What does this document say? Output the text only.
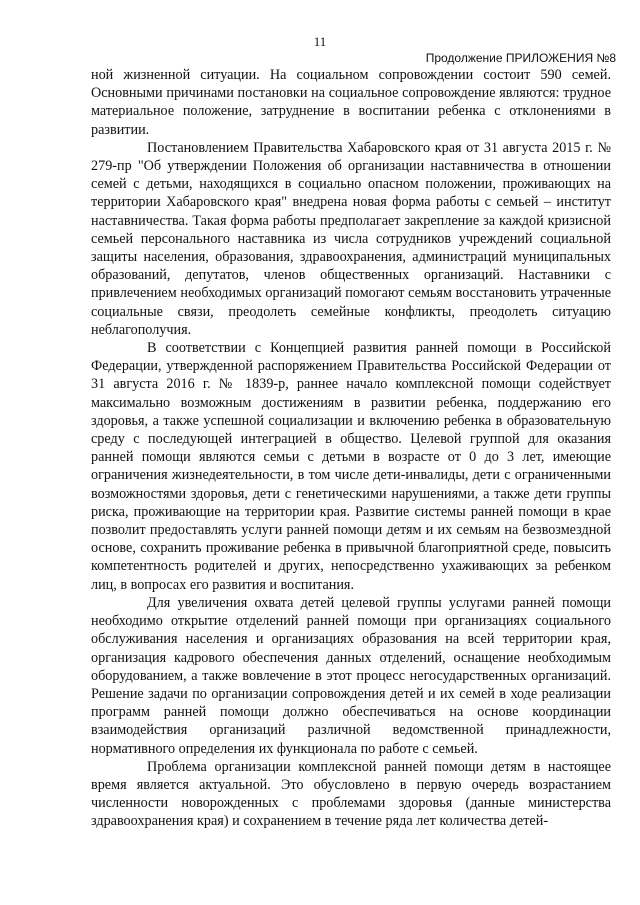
11
Продолжение ПРИЛОЖЕНИЯ №8

ной жизненной ситуации. На социальном сопровождении состоит 590 семей. Основными причинами постановки на социальное сопровождение являются: трудное материальное положение, затруднение в воспитании ребенка с отклонениями в развитии.

Постановлением Правительства Хабаровского края от 31 августа 2015 г. № 279-пр "Об утверждении Положения об организации наставничества в отношении семей с детьми, находящихся в социально опасном положении, проживающих на территории Хабаровского края" внедрена новая форма работы с семьей – институт наставничества. Такая форма работы предполагает закрепление за каждой кризисной семьей персонального наставника из числа сотрудников учреждений социальной защиты населения, образования, здравоохранения, администраций муниципальных образований, депутатов, членов общественных организаций. Наставники с привлечением необходимых организаций помогают семьям восстановить утраченные социальные связи, преодолеть семейные конфликты, преодолеть ситуацию неблагополучия.

В соответствии с Концепцией развития ранней помощи в Российской Федерации, утвержденной распоряжением Правительства Российской Федерации от 31 августа 2016 г. № 1839-р, раннее начало комплексной помощи содействует максимально возможным достижениям в развитии ребенка, поддержанию его здоровья, а также успешной социализации и включению ребенка в образовательную среду с последующей интеграцией в общество. Целевой группой для оказания ранней помощи являются семьи с детьми в возрасте от 0 до 3 лет, имеющие ограничения жизнедеятельности, в том числе дети-инвалиды, дети с ограниченными возможностями здоровья, дети с генетическими нарушениями, а также дети группы риска, проживающие на территории края. Развитие системы ранней помощи в крае позволит предоставлять услуги ранней помощи детям и их семьям на безвозмездной основе, сохранить проживание ребенка в привычной благоприятной среде, повысить компетентность родителей и других, непосредственно ухаживающих за ребенком лиц, в вопросах его развития и воспитания.

Для увеличения охвата детей целевой группы услугами ранней помощи необходимо открытие отделений ранней помощи при организациях социального обслуживания населения и организациях образования на всей территории края, организация кадрового обеспечения данных отделений, оснащение необходимым оборудованием, а также вовлечение в этот процесс негосударственных организаций. Решение задачи по организации сопровождения детей и их семей в ходе реализации программ ранней помощи должно обеспечиваться на основе координации взаимодействия организаций различной ведомственной принадлежности, нормативного определения их функционала по работе с семьей.

Проблема организации комплексной ранней помощи детям в настоящее время является актуальной. Это обусловлено в первую очередь возрастанием численности новорожденных с проблемами здоровья (данные министерства здравоохранения края) и сохранением в течение ряда лет количества детей-
